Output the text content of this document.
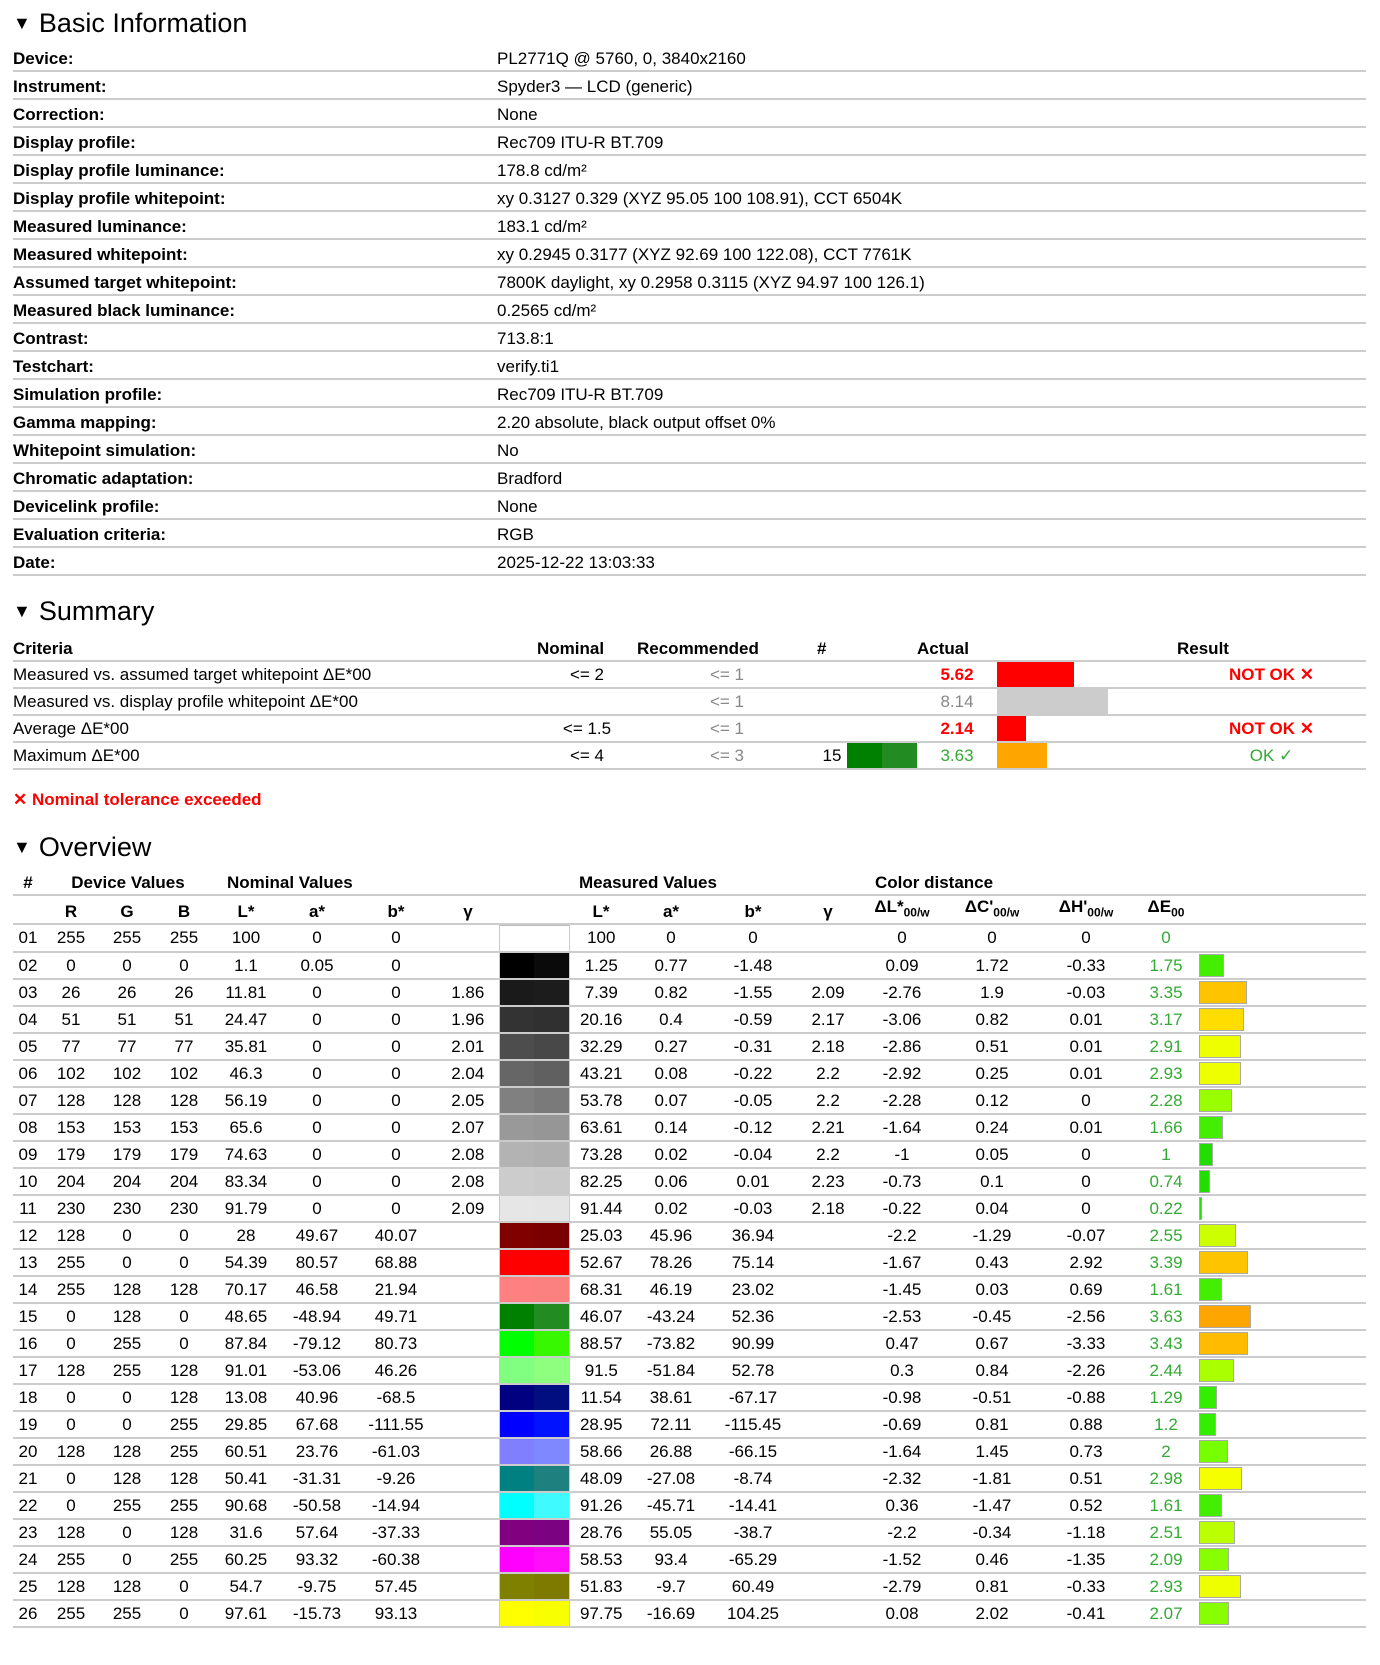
▼ Basic Information
Device:	PL2771Q @ 5760, 0, 3840x2160
Instrument:	Spyder3 — LCD (generic)
Correction:	None
Display profile:	Rec709 ITU-R BT.709
Display profile luminance:	178.8 cd/m²
Display profile whitepoint:	xy 0.3127 0.329 (XYZ 95.05 100 108.91), CCT 6504K
Measured luminance:	183.1 cd/m²
Measured whitepoint:	xy 0.2945 0.3177 (XYZ 92.69 100 122.08), CCT 7761K
Assumed target whitepoint:	7800K daylight, xy 0.2958 0.3115 (XYZ 94.97 100 126.1)
Measured black luminance:	0.2565 cd/m²
Contrast:	713.8:1
Testchart:	verify.ti1
Simulation profile:	Rec709 ITU-R BT.709
Gamma mapping:	2.20 absolute, black output offset 0%
Whitepoint simulation:	No
Chromatic adaptation:	Bradford
Devicelink profile:	None
Evaluation criteria:	RGB
Date:	2025-12-22 13:03:33
▼ Summary
Criteria	Nominal	Recommended	#		Actual		Result
Measured vs. assumed target whitepoint ΔE*00	<= 2	<= 1			5.62		NOT OK ✕
Measured vs. display profile whitepoint ΔE*00		<= 1			8.14		
Average ΔE*00	<= 1.5	<= 1			2.14		NOT OK ✕
Maximum ΔE*00	<= 4	<= 3	15		3.63		OK ✓
✕ Nominal tolerance exceeded
▼ Overview
#	Device Values			Nominal Values					Measured Values				Color distance				
	R	G	B	L*	a*	b*	γ		L*	a*	b*	γ	$\Delta L*_{00/w}$	$\Delta C'_{00/w}$	$\Delta H'_{00/w}$	$\Delta E_{00}$	
01	255	255	255	100	0	0			100	0	0		0	0	0	0	
02	0	0	0	1.1	0.05	0			1.25	0.77	-1.48		0.09	1.72	-0.33	1.75	

03	26	26	26	11.81	0	0	1.86		7.39	0.82	-1.55	2.09	-2.76	1.9	-0.03	3.35	

04	51	51	51	24.47	0	0	1.96		20.16	0.4	-0.59	2.17	-3.06	0.82	0.01	3.17	

05	77	77	77	35.81	0	0	2.01		32.29	0.27	-0.31	2.18	-2.86	0.51	0.01	2.91	

06	102	102	102	46.3	0	0	2.04		43.21	0.08	-0.22	2.2	-2.92	0.25	0.01	2.93	

07	128	128	128	56.19	0	0	2.05		53.78	0.07	-0.05	2.2	-2.28	0.12	0	2.28	

08	153	153	153	65.6	0	0	2.07		63.61	0.14	-0.12	2.21	-1.64	0.24	0.01	1.66	

09	179	179	179	74.63	0	0	2.08		73.28	0.02	-0.04	2.2	-1	0.05	0	1	

10	204	204	204	83.34	0	0	2.08		82.25	0.06	0.01	2.23	-0.73	0.1	0	0.74	

11	230	230	230	91.79	0	0	2.09		91.44	0.02	-0.03	2.18	-0.22	0.04	0	0.22	

12	128	0	0	28	49.67	40.07			25.03	45.96	36.94		-2.2	-1.29	-0.07	2.55	

13	255	0	0	54.39	80.57	68.88			52.67	78.26	75.14		-1.67	0.43	2.92	3.39	

14	255	128	128	70.17	46.58	21.94			68.31	46.19	23.02		-1.45	0.03	0.69	1.61	

15	0	128	0	48.65	-48.94	49.71			46.07	-43.24	52.36		-2.53	-0.45	-2.56	3.63	

16	0	255	0	87.84	-79.12	80.73			88.57	-73.82	90.99		0.47	0.67	-3.33	3.43	

17	128	255	128	91.01	-53.06	46.26			91.5	-51.84	52.78		0.3	0.84	-2.26	2.44	

18	0	0	128	13.08	40.96	-68.5			11.54	38.61	-67.17		-0.98	-0.51	-0.88	1.29	

19	0	0	255	29.85	67.68	-111.55			28.95	72.11	-115.45		-0.69	0.81	0.88	1.2	

20	128	128	255	60.51	23.76	-61.03			58.66	26.88	-66.15		-1.64	1.45	0.73	2	

21	0	128	128	50.41	-31.31	-9.26			48.09	-27.08	-8.74		-2.32	-1.81	0.51	2.98	

22	0	255	255	90.68	-50.58	-14.94			91.26	-45.71	-14.41		0.36	-1.47	0.52	1.61	

23	128	0	128	31.6	57.64	-37.33			28.76	55.05	-38.7		-2.2	-0.34	-1.18	2.51	

24	255	0	255	60.25	93.32	-60.38			58.53	93.4	-65.29		-1.52	0.46	-1.35	2.09	

25	128	128	0	54.7	-9.75	57.45			51.83	-9.7	60.49		-2.79	0.81	-0.33	2.93	

26	255	255	0	97.61	-15.73	93.13			97.75	-16.69	104.25		0.08	2.02	-0.41	2.07	
